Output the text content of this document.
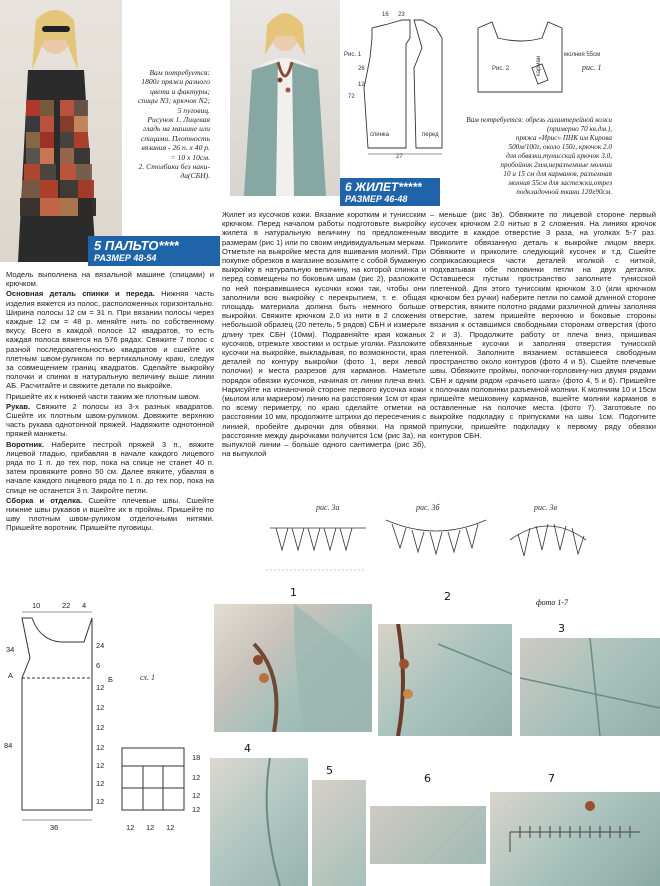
Вам потребуется:
1800г пряжи разного
цвета и фактуры;
спицы N3; крючок N2;
5 пуговиц.
Рисунок 1. Лицевая
гладь на машине или
спицами. Плотность
вязания - 26 п. х 40 р.
= 10 х 10см.
2. Столбики без нaки-
да(СБН).
5 ПАЛЬТО****
РАЗМЕР 48-54
6 ЖИЛЕТ*****
РАЗМЕР 46-48
Рис. 1
26
12
72
16 23
спинка	перед
27
Рис. 2	карман
молния 55см
рис. 1
Вам потребуется: обрезь галантерейной кожи (примерно 70 кв.дм.),
пряжа «Ирис» ПНК им Кирова
500м/100г, около 150г, крючок 2.0
для обвязки,тунисский крючок 3.0,
пробойник 2мм,неразъемные молнии
10 и 15 см для карманов, разъемная
молния 55см для застежки,отрез
подкладочной ткани 120х90см.

Модель выполнена на вязальной машине (спицами) и крючком.

Основная деталь спинки и переда. Нижняя часть изделия вяжется из полос, расположенных горизонтально. Ширина полосы 12 см = 31 п. При вязании полосы через каждые 12 см = 48 р. меняйте нить по собственному вкусу. Всего в каждой полосе 12 квадратов, то есть каждая полоса вяжется на 576 рядах. Свяжите 7 полос с разной последовательностью квадратов и сшейте их плетным швом-руликом по вертикальному краю, следуя за совмещением границ квадратов. Сделайте выкройку полочки и спинки в натуральную величину выше линии АБ. Расчитайте и свяжите детали по выкройке.

Пришейте их к нижней части тажим же плотным швом.

Рукав. Свяжите 2 полосы из 3-х разных квадратов. Сшейте их плотным швом-руликом. Довяжите верхнюю часть рукава однотонной пряжей. Надвяжите однотонной пряжей манжеты.

Воротник. Наберите пестрой пряжей 3 п., вяжите лицевой гладью, прибавляя в начале каждого лицевого ряда по 1 п. до тех пор, пока на спице не станет 40 п. затем провяжите ровно 50 см. Далее вяжите, убавляя в начале каждого лицевого ряда по 1 п. до тех пор, пока на спице не останется 3 п. Закройте петли.

Сборка и отделка. Сшейте плечевые швы. Сшейте нижние швы рукавов и вшейте их в проймы. Пришейте по шву плотным швом-руликом отделочными нитями. Пришейте воротник. Пришейте пуговицы.

Жилет из кусочков кожи. Вязание коротким и тунисским крючком. Перед началом работы подготовьте выкройку жилета в натуральную величину по предложенным размерам (рис 1) или по своим индивидуальным меркам. Отметьте на выкройке места для вшивания молний. При покупке обрезков в магазине возьмите с собой бумажную выкройку в натуральную величину, на которой спинка и перед совмещены по боковым швам (рис 2), разложите по ней понравившиеся кусочки кожи так, чтобы они заполнили всю выкройку с перекрытием, т. е. общая площадь материала должна быть немного больше выкройки. Свяжите крючком 2.0 из нити в 2 сложения небольшой образец (20 петель, 5 рядов) СБН и измерьте длину трех СБН (10мм). Подравняйте края кожаных кусочков, отрежьте хвостики и острые уголки. Разложите кусочки на выкройке, выкладывая, по возможности, края деталей по контуру выкройки (фото 1, верх левой полочки) и места разрезов для карманов. Наметьте порядок обвязки кусочков, начиная от линии плеча вниз. Нарисуйте на изнаночной стороне первого кусочка кожи (мылом или маркером) линию на расстоянии 1см от края по всему периметру, по краю сделайте отметки на расстоянии 10 мм, продолжите штрихи до пересечения с линией, пробейте дырочки для обвязки. На прямой расстояние между дырочками получится 1см (рис 3а), на выпуклой линии – больше одного сантиметра (рис 3б), на выпуклой
– меньше (рис 3в). Обвяжите по лицевой стороне первый кусочек крючком 2.0 нитью в 2 сложения. На линиях крючок вводите в каждое отверстие 3 раза, на уголках 5-7 раз. Приколите обвязанную деталь к выкройке лицом вверх. Обвяжите и приколите следующий кусочек и т.д. Сшейте соприкасающиеся части деталей иголкой с ниткой, подхватывая обе половинки петли на двух деталях. Оставшееся пустым пространство заполните тунисской плетенкой. Для этого тунисским крючком 3.0 (или крючком крючком без ручки) наберите петли по самой длинной стороне отверстия, вяжите полотно рядами различной длины заполняя отверстие, затем пришейте верхнюю и боковые стороны вязания к оставшимся свободными сторонам отверстия (фото 2 и 3). Продолжите работу от плеча вниз, пришивая обвязанные кусочки и заполняя отверстия тунисской плетенкой. Заполните вязанием оставшееся свободным пространство около контуров (фото 4 и 5). Сшейте плечевые швы. Обвяжите проймы, полочки-горловину-низ двумя рядами СБН и одним рядом «рачьего шага» (фото 4, 5 и 6). Пришейте к полочкам половинки разъемной молнии. К молниям 10 и 15см пришейте мешковину карманов, вшейте молнии карманов в оставленные на полочке места (фото 7). Заготовьте по выкройке подкладку с припусками на швы 1см. Подогните припуски, пришейте подкладку к первому ряду обвязки контуров СБН.
рис. 3а	рис. 3б	рис. 3в
10	22 4
34
А	Б
84
24
6
12
12
12
12
12
12
12
36
сх. 1
18
12
12
12
12 12 12
фото 1-7
1	2
3
4
5
6	7
